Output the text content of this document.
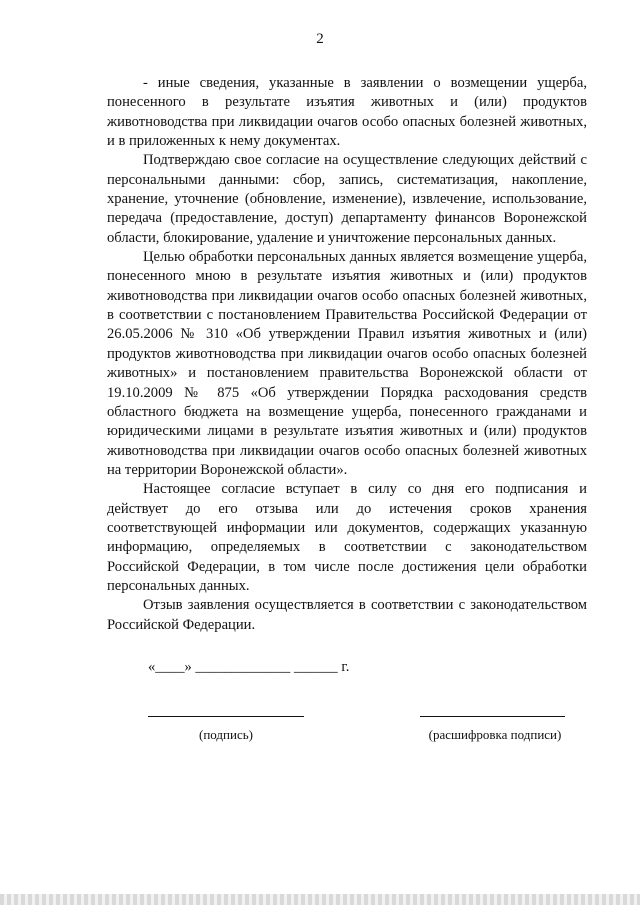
2

- иные сведения, указанные в заявлении о возмещении ущерба, понесенного в результате изъятия животных и (или) продуктов животноводства при ликвидации очагов особо опасных болезней животных, и в приложенных к нему документах.

Подтверждаю свое согласие на осуществление следующих действий с персональными данными: сбор, запись, систематизация, накопление, хранение, уточнение (обновление, изменение), извлечение, использование, передача (предоставление, доступ) департаменту финансов Воронежской области, блокирование, удаление и уничтожение персональных данных.

Целью обработки персональных данных является возмещение ущерба, понесенного мною в результате изъятия животных и (или) продуктов животноводства при ликвидации очагов особо опасных болезней животных, в соответствии с постановлением Правительства Российской Федерации от 26.05.2006 № 310 «Об утверждении Правил изъятия животных и (или) продуктов животноводства при ликвидации очагов особо опасных болезней животных» и постановлением правительства Воронежской области от 19.10.2009 № 875 «Об утверждении Порядка расходования средств областного бюджета на возмещение ущерба, понесенного гражданами и юридическими лицами в результате изъятия животных и (или) продуктов животноводства при ликвидации очагов особо опасных болезней животных на территории Воронежской области».

Настоящее согласие вступает в силу со дня его подписания и действует до его отзыва или до истечения сроков хранения соответствующей информации или документов, содержащих указанную информацию, определяемых в соответствии с законодательством Российской Федерации, в том числе после достижения цели обработки персональных данных.

Отзыв заявления осуществляется в соответствии с законодательством Российской Федерации.

«____» _____________ ______ г.
(подпись)	(расшифровка подписи)
